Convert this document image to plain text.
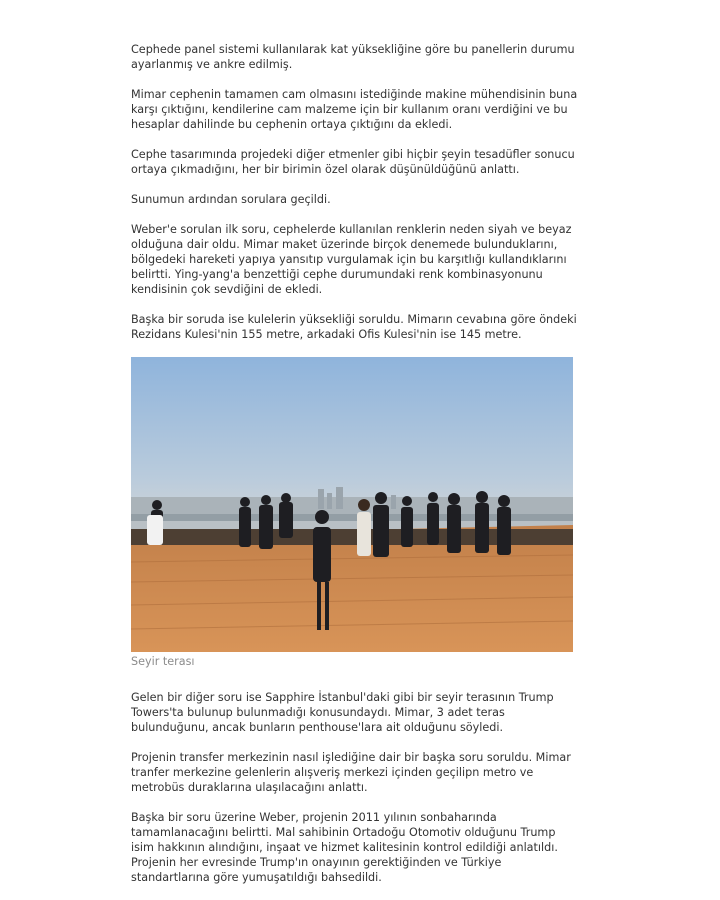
Cephede panel sistemi kullanılarak kat yüksekliğine göre bu panellerin durumu ayarlanmış ve ankre edilmiş.

Mimar cephenin tamamen cam olmasını istediğinde makine mühendisinin buna karşı çıktığını, kendilerine cam malzeme için bir kullanım oranı verdiğini ve bu hesaplar dahilinde bu cephenin ortaya çıktığını da ekledi.

Cephe tasarımında projedeki diğer etmenler gibi hiçbir şeyin tesadüfler sonucu ortaya çıkmadığını, her bir birimin özel olarak düşünüldüğünü anlattı.

Sunumun ardından sorulara geçildi.

Weber'e sorulan ilk soru, cephelerde kullanılan renklerin neden siyah ve beyaz olduğuna dair oldu. Mimar maket üzerinde birçok denemede bulunduklarını, bölgedeki hareketi yapıya yansıtıp vurgulamak için bu karşıtlığı kullandıklarını belirtti. Ying-yang'a benzettiği cephe durumundaki renk kombinasyonunu kendisinin çok sevdiğini de ekledi.

Başka bir soruda ise kulelerin yüksekliği soruldu. Mimarın cevabına göre öndeki Rezidans Kulesi'nin 155 metre, arkadaki Ofis Kulesi'nin ise 145 metre.

Seyir terası

Gelen bir diğer soru ise Sapphire İstanbul'daki gibi bir seyir terasının Trump Towers'ta bulunup bulunmadığı konusundaydı. Mimar, 3 adet teras bulunduğunu, ancak bunların penthouse'lara ait olduğunu söyledi.

Projenin transfer merkezinin nasıl işlediğine dair bir başka soru soruldu. Mimar tranfer merkezine gelenlerin alışveriş merkezi içinden geçilipn metro ve metrobüs duraklarına ulaşılacağını anlattı.

Başka bir soru üzerine Weber, projenin 2011 yılının sonbaharında tamamlanacağını belirtti. Mal sahibinin Ortadoğu Otomotiv olduğunu Trump isim hakkının alındığını, inşaat ve hizmet kalitesinin kontrol edildiği anlatıldı. Projenin her evresinde Trump'ın onayının gerektiğinden ve Türkiye standartlarına göre yumuşatıldığı bahsedildi.
